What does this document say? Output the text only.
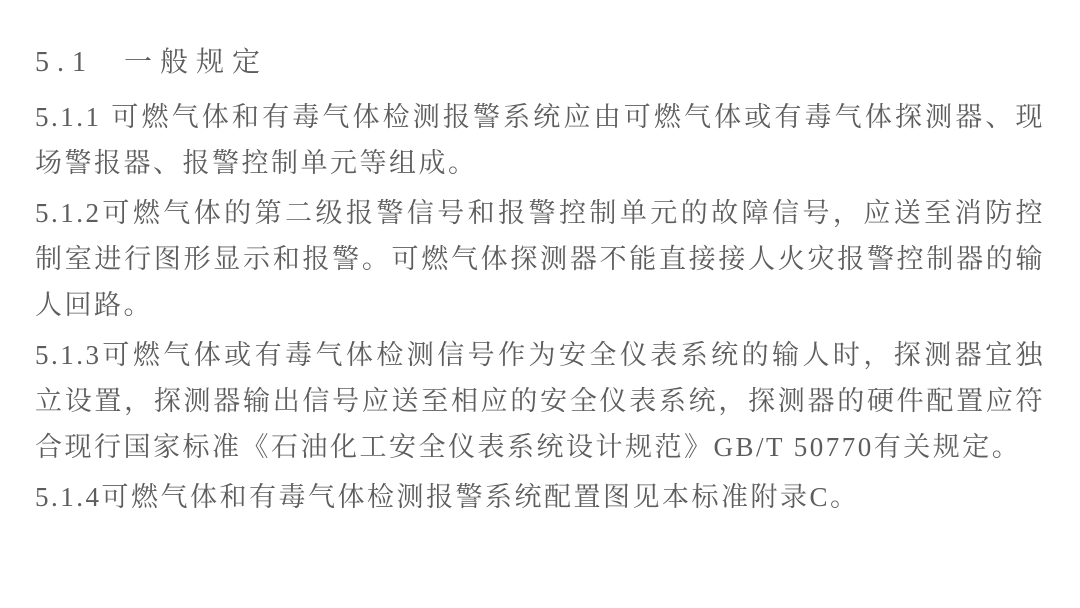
5.1  一般规定

5.1.1 可燃气体和有毒气体检测报警系统应由可燃气体或有毒气体探测器、现场警报器、报警控制单元等组成。

5.1.2可燃气体的第二级报警信号和报警控制单元的故障信号，应送至消防控制室进行图形显示和报警。可燃气体探测器不能直接接人火灾报警控制器的输人回路。

5.1.3可燃气体或有毒气体检测信号作为安全仪表系统的输人时，探测器宜独立设置，探测器输出信号应送至相应的安全仪表系统，探测器的硬件配置应符合现行国家标准《石油化工安全仪表系统设计规范》GB/T 50770有关规定。

5.1.4可燃气体和有毒气体检测报警系统配置图见本标准附录C。
